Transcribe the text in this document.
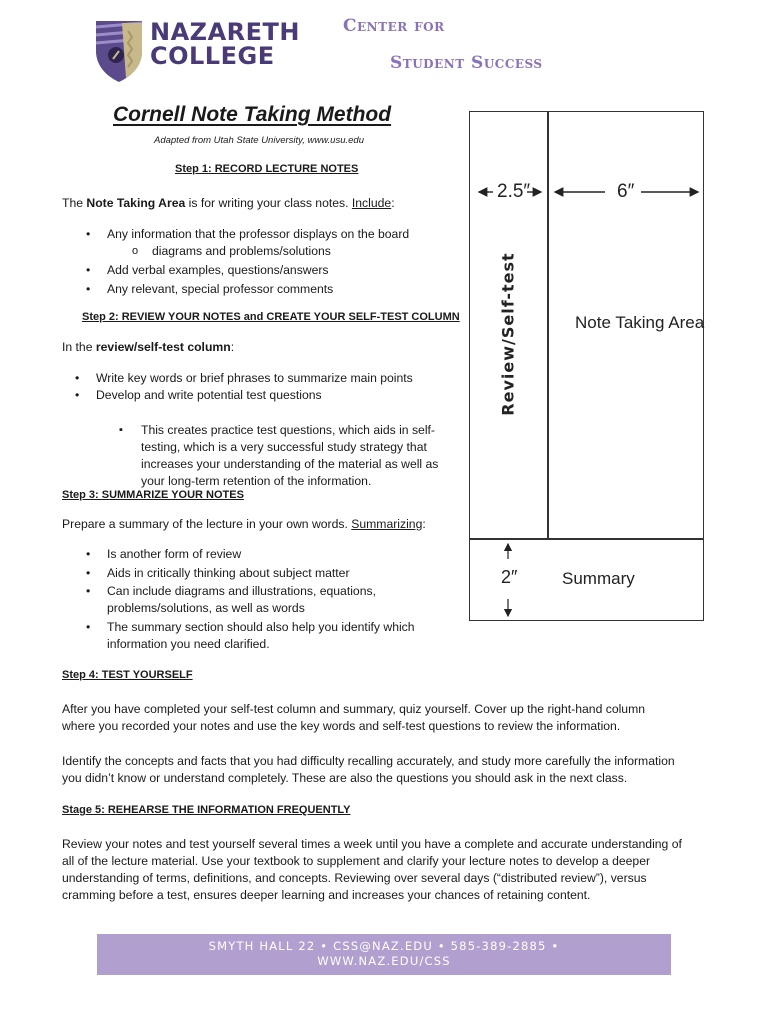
NAZARETH
COLLEGE
Center for
Student Success
Cornell Note Taking Method
Adapted from Utah State University, www.usu.edu
Step 1: RECORD LECTURE NOTES
The Note Taking Area is for writing your class notes. Include:
• Any information that the professor displays on the board
o diagrams and problems/solutions
• Add verbal examples, questions/answers
• Any relevant, special professor comments
Step 2: REVIEW YOUR NOTES and CREATE YOUR SELF-TEST COLUMN
In the review/self-test column:
• Write key words or brief phrases to summarize main points
• Develop and write potential test questions
▪ This creates practice test questions, which aids in self-
testing, which is a very successful study strategy that
increases your understanding of the material as well as
your long-term retention of the information.
Step 3: SUMMARIZE YOUR NOTES
Prepare a summary of the lecture in your own words. Summarizing:
• Is another form of review
• Aids in critically thinking about subject matter
• Can include diagrams and illustrations, equations,
problems/solutions, as well as words
• The summary section should also help you identify which
information you need clarified.
Step 4: TEST YOURSELF
After you have completed your self-test column and summary, quiz yourself. Cover up the right-hand column
where you recorded your notes and use the key words and self-test questions to review the information.
Identify the concepts and facts that you had difficulty recalling accurately, and study more carefully the information
you didn’t know or understand completely. These are also the questions you should ask in the next class.
Stage 5: REHEARSE THE INFORMATION FREQUENTLY
Review your notes and test yourself several times a week until you have a complete and accurate understanding of
all of the lecture material. Use your textbook to supplement and clarify your lecture notes to develop a deeper
understanding of terms, definitions, and concepts. Reviewing over several days (“distributed review”), versus
cramming before a test, ensures deeper learning and increases your chances of retaining content.
2.5″	6″
Review/Self-test	Note Taking Area
2″	Summary
SMYTH HALL 22 • CSS@NAZ.EDU • 585-389-2885 •
WWW.NAZ.EDU/CSS
